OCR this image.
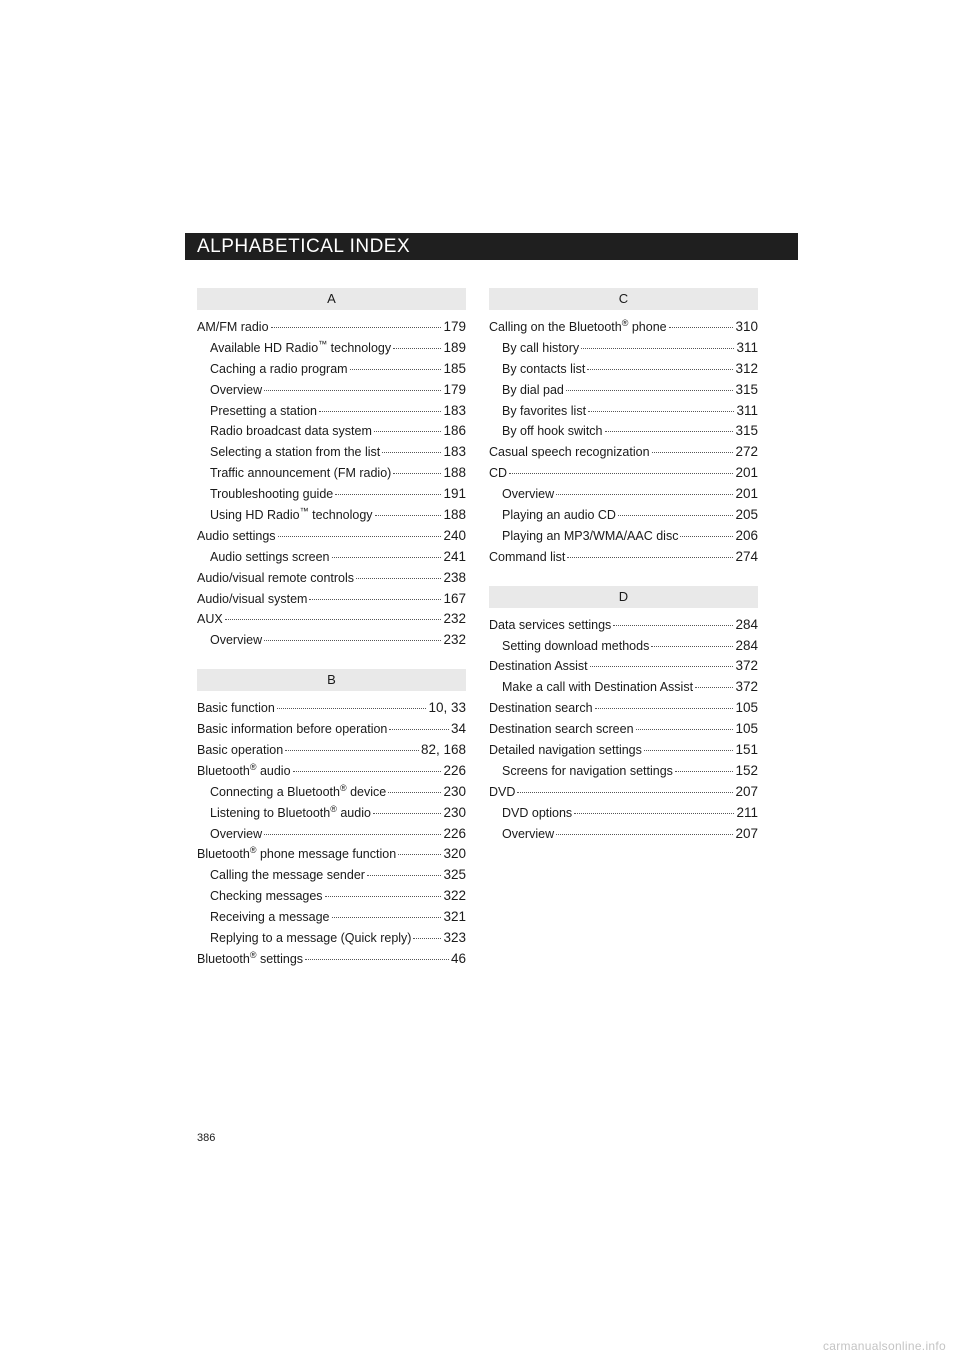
ALPHABETICAL INDEX
A
AM/FM radio	179
Available HD Radio™ technology	189
Caching a radio program	185
Overview	179
Presetting a station	183
Radio broadcast data system	186
Selecting a station from the list	183
Traffic announcement (FM radio)	188
Troubleshooting guide	191
Using HD Radio™ technology	188
Audio settings	240
Audio settings screen	241
Audio/visual remote controls	238
Audio/visual system	167
AUX	232
Overview	232
B
Basic function	10, 33
Basic information before operation	34
Basic operation	82, 168
Bluetooth® audio	226
Connecting a Bluetooth® device	230
Listening to Bluetooth® audio	230
Overview	226
Bluetooth® phone message function	320
Calling the message sender	325
Checking messages	322
Receiving a message	321
Replying to a message (Quick reply) 323
Bluetooth® settings	46
C
Calling on the Bluetooth® phone	310
By call history	311
By contacts list	312
By dial pad	315
By favorites list	311
By off hook switch	315
Casual speech recognization	272
CD	201
Overview	201
Playing an audio CD	205
Playing an MP3/WMA/AAC disc	206
Command list	274
D
Data services settings	284
Setting download methods	284
Destination Assist	372
Make a call with Destination Assist	372
Destination search	105
Destination search screen	105
Detailed navigation settings	151
Screens for navigation settings	152
DVD	207
DVD options	211
Overview	207
386
carmanualsonline.info
